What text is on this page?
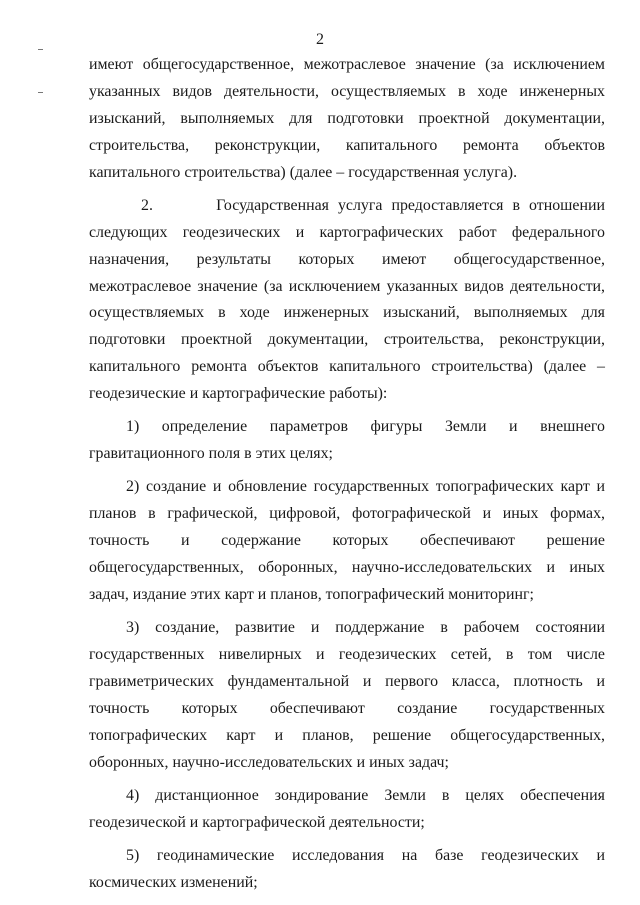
2

имеют общегосударственное, межотраслевое значение (за исключением указанных видов деятельности, осуществляемых в ходе инженерных изысканий, выполняемых для подготовки проектной документации, строительства, реконструкции, капитального ремонта объектов капитального строительства) (далее – государственная услуга).

2.       Государственная услуга предоставляется в отношении следующих геодезических и картографических работ федерального назначения, результаты которых имеют общегосударственное, межотраслевое значение (за исключением указанных видов деятельности, осуществляемых в ходе инженерных изысканий, выполняемых для подготовки проектной документации, строительства, реконструкции, капитального ремонта объектов капитального строительства) (далее – геодезические и картографические работы):

1) определение параметров фигуры Земли и внешнего гравитационного поля в этих целях;

2) создание и обновление государственных топографических карт и планов в графической, цифровой, фотографической и иных формах, точность и содержание которых обеспечивают решение общегосударственных, оборонных, научно-исследовательских и иных задач, издание этих карт и планов, топографический мониторинг;

3) создание, развитие и поддержание в рабочем состоянии государственных нивелирных и геодезических сетей, в том числе гравиметрических фундаментальной и первого класса, плотность и точность которых обеспечивают создание государственных топографических карт и планов, решение общегосударственных, оборонных, научно-исследовательских и иных задач;

4) дистанционное зондирование Земли в целях обеспечения геодезической и картографической деятельности;

5) геодинамические исследования на базе геодезических и космических изменений;
